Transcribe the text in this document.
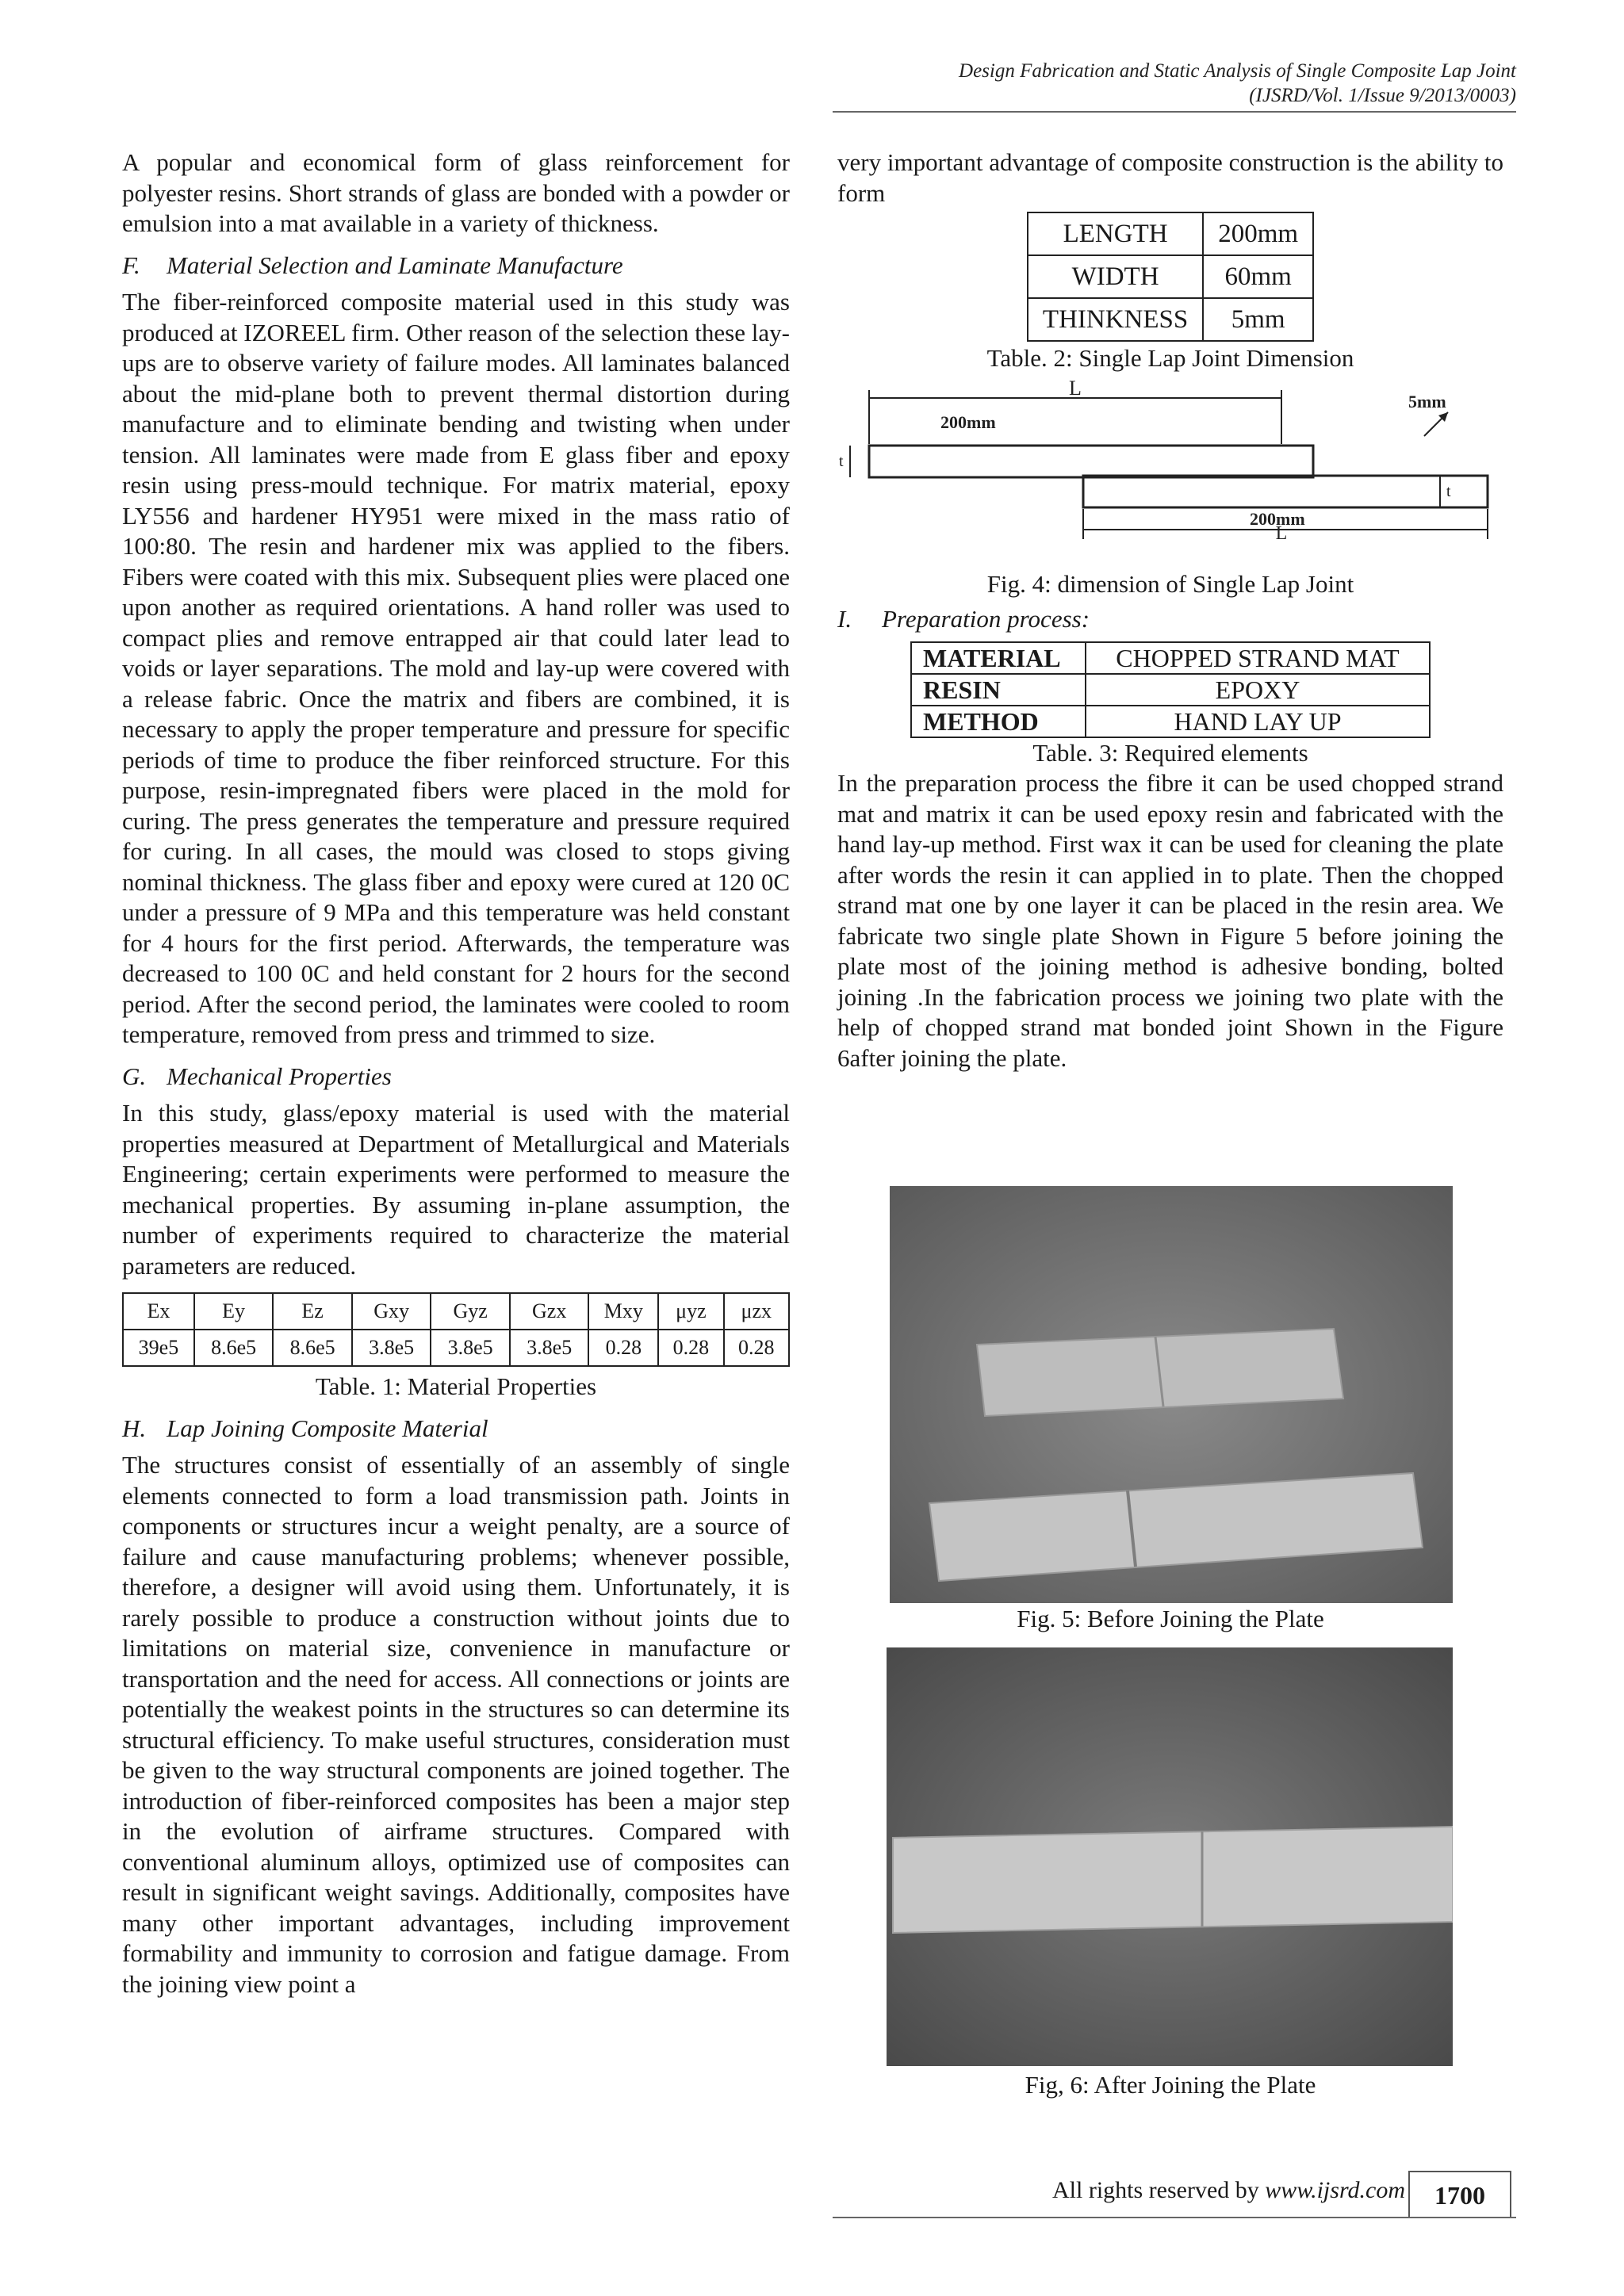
Design Fabrication and Static Analysis of Single Composite Lap Joint
(IJSRD/Vol. 1/Issue 9/2013/0003)

A popular and economical form of glass reinforcement for polyester resins. Short strands of glass are bonded with a powder or emulsion into a mat available in a variety of thickness.

F. Material Selection and Laminate Manufacture

The fiber-reinforced composite material used in this study was produced at IZOREEL firm. Other reason of the selection these lay-ups are to observe variety of failure modes. All laminates balanced about the mid-plane both to prevent thermal distortion during manufacture and to eliminate bending and twisting when under tension. All laminates were made from E glass fiber and epoxy resin using press-mould technique. For matrix material, epoxy LY556 and hardener HY951 were mixed in the mass ratio of 100:80. The resin and hardener mix was applied to the fibers. Fibers were coated with this mix. Subsequent plies were placed one upon another as required orientations. A hand roller was used to compact plies and remove entrapped air that could later lead to voids or layer separations. The mold and lay-up were covered with a release fabric. Once the matrix and fibers are combined, it is necessary to apply the proper temperature and pressure for specific periods of time to produce the fiber reinforced structure. For this purpose, resin-impregnated fibers were placed in the mold for curing. The press generates the temperature and pressure required for curing. In all cases, the mould was closed to stops giving nominal thickness. The glass fiber and epoxy were cured at 120 0C under a pressure of 9 MPa and this temperature was held constant for 4 hours for the first period. Afterwards, the temperature was decreased to 100 0C and held constant for 2 hours for the second period. After the second period, the laminates were cooled to room temperature, removed from press and trimmed to size.

G. Mechanical Properties

In this study, glass/epoxy material is used with the material properties measured at Department of Metallurgical and Materials Engineering; certain experiments were performed to measure the mechanical properties. By assuming in-plane assumption, the number of experiments required to characterize the material parameters are reduced.

Ex	Ey	Ez	Gxy	Gyz	Gzx	Mxy	μyz	μzx
39e5	8.6e5	8.6e5	3.8e5	3.8e5	3.8e5	0.28	0.28	0.28
Table. 1: Material Properties
H. Lap Joining Composite Material

The structures consist of essentially of an assembly of single elements connected to form a load transmission path. Joints in components or structures incur a weight penalty, are a source of failure and cause manufacturing problems; whenever possible, therefore, a designer will avoid using them. Unfortunately, it is rarely possible to produce a construction without joints due to limitations on material size, convenience in manufacture or transportation and the need for access. All connections or joints are potentially the weakest points in the structures so can determine its structural efficiency. To make useful structures, consideration must be given to the way structural components are joined together. The introduction of fiber-reinforced composites has been a major step in the evolution of airframe structures. Compared with conventional aluminum alloys, optimized use of composites can result in significant weight savings. Additionally, composites have many other important advantages, including improvement formability and immunity to corrosion and fatigue damage. From the joining view point a

very important advantage of composite construction is the ability to form

LENGTH	200mm
WIDTH	60mm
THINKNESS	5mm
Table. 2: Single Lap Joint Dimension
L
200mm
5mm
t
t
200mm
L
Fig. 4: dimension of Single Lap Joint
I. Preparation process:
MATERIAL	CHOPPED STRAND MAT
RESIN	EPOXY
METHOD	HAND LAY UP
Table. 3: Required elements

In the preparation process the fibre it can be used chopped strand mat and matrix it can be used epoxy resin and fabricated with the hand lay-up method. First wax it can be used for cleaning the plate after words the resin it can applied in to plate. Then the chopped strand mat one by one layer it can be placed in the resin area. We fabricate two single plate Shown in Figure 5 before joining the plate most of the joining method is adhesive bonding, bolted joining .In the fabrication process we joining two plate with the help of chopped strand mat bonded joint Shown in the Figure 6after joining the plate.

Fig. 5: Before Joining the Plate
Fig, 6: After Joining the Plate
All rights reserved by www.ijsrd.com	1700
